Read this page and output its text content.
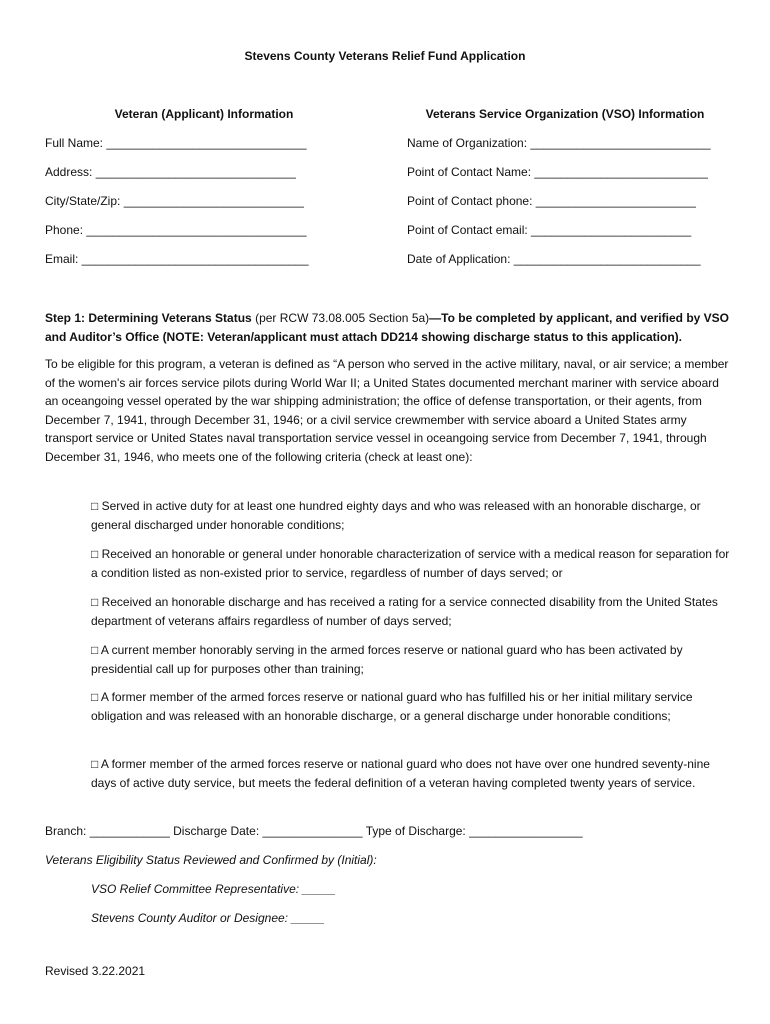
Stevens County Veterans Relief Fund Application
Veteran (Applicant) Information	Veterans Service Organization (VSO) Information
Full Name: ______________________________
Address: ______________________________
City/State/Zip: ___________________________
Phone: _________________________________
Email: __________________________________
Name of Organization: ___________________________
Point of Contact Name: __________________________
Point of Contact phone: ________________________
Point of Contact email: ________________________
Date of Application: ____________________________
Step 1: Determining Veterans Status (per RCW 73.08.005 Section 5a)—To be completed by applicant, and verified by VSO and Auditor’s Office (NOTE: Veteran/applicant must attach DD214 showing discharge status to this application).
To be eligible for this program, a veteran is defined as “A person who served in the active military, naval, or air service; a member of the women's air forces service pilots during World War II; a United States documented merchant mariner with service aboard an oceangoing vessel operated by the war shipping administration; the office of defense transportation, or their agents, from December 7, 1941, through December 31, 1946; or a civil service crewmember with service aboard a United States army transport service or United States naval transportation service vessel in oceangoing service from December 7, 1941, through December 31, 1946, who meets one of the following criteria (check at least one):
□ Served in active duty for at least one hundred eighty days and who was released with an honorable discharge, or general discharged under honorable conditions;
□ Received an honorable or general under honorable characterization of service with a medical reason for separation for a condition listed as non-existed prior to service, regardless of number of days served; or
□ Received an honorable discharge and has received a rating for a service connected disability from the United States department of veterans affairs regardless of number of days served;
□ A current member honorably serving in the armed forces reserve or national guard who has been activated by presidential call up for purposes other than training;
□ A former member of the armed forces reserve or national guard who has fulfilled his or her initial military service obligation and was released with an honorable discharge, or a general discharge under honorable conditions;
□ A former member of the armed forces reserve or national guard who does not have over one hundred seventy-nine days of active duty service, but meets the federal definition of a veteran having completed twenty years of service.
Branch: ____________ Discharge Date: _______________ Type of Discharge: _________________
Veterans Eligibility Status Reviewed and Confirmed by (Initial):
VSO Relief Committee Representative: _____
Stevens County Auditor or Designee: _____
Revised 3.22.2021
